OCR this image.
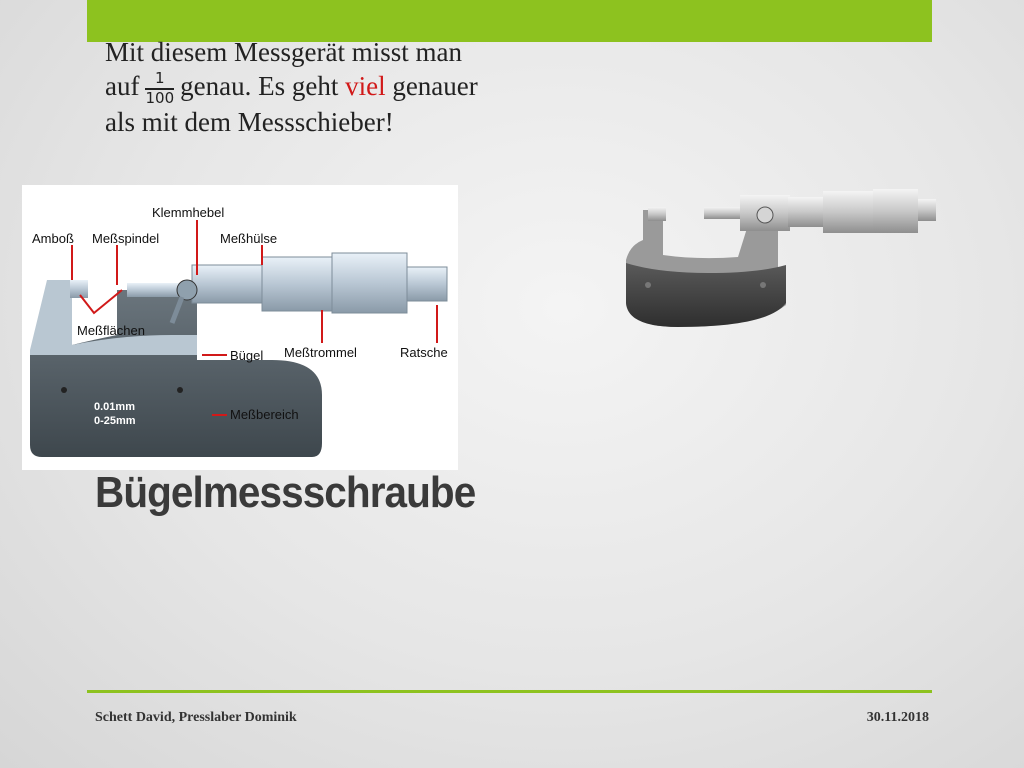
Mit diesem Messgerät misst man
auf $\frac{1}{100}$ genau. Es geht viel genauer
als mit dem Messschieber!
Amboß Meßspindel
Klemmhebel
Meßhülse
Meßflächen
Bügel Meßtrommel	Ratsche
Meßbereich
0.01mm
0-25mm
Bügelmessschraube
Schett David, Presslaber Dominik	30.11.2018
